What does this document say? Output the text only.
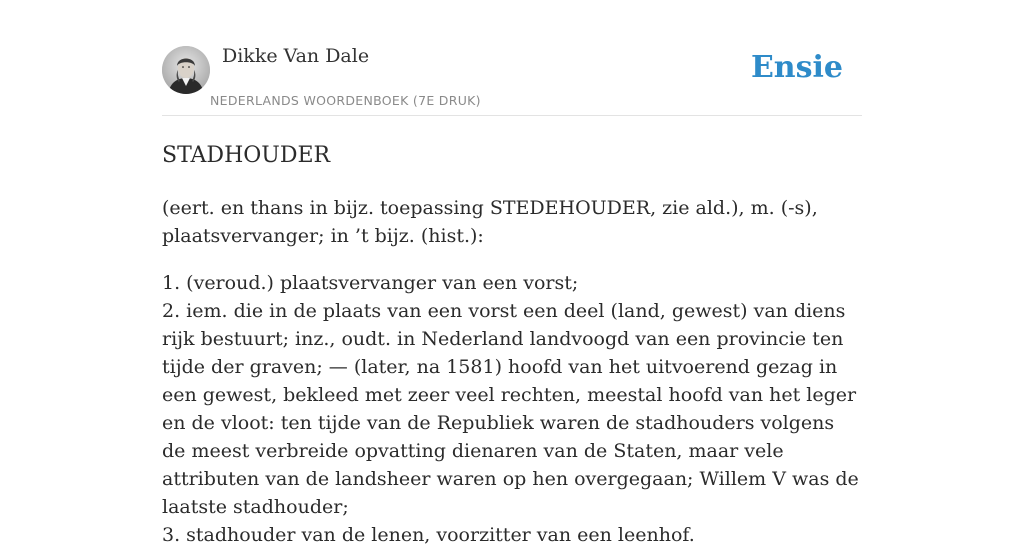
Dikke Van Dale
NEDERLANDS WOORDENBOEK (7E DRUK)
Ensie
STADHOUDER

(eert. en thans in bijz. toepassing STEDEHOUDER, zie ald.), m. (-s), plaatsvervanger; in ’t bijz. (hist.):

1. (veroud.) plaatsvervanger van een vorst;
2. iem. die in de plaats van een vorst een deel (land, gewest) van diens rijk bestuurt; inz., oudt. in Nederland landvoogd van een provincie ten tijde der graven; — (later, na 1581) hoofd van het uitvoerend gezag in een gewest, bekleed met zeer veel rechten, meestal hoofd van het leger en de vloot: ten tijde van de Republiek waren de stadhouders volgens de meest verbreide opvatting dienaren van de Staten, maar vele attributen van de landsheer waren op hen overgegaan; Willem V was de laatste stadhouder;
3. stadhouder van de lenen, voorzitter van een leenhof.
